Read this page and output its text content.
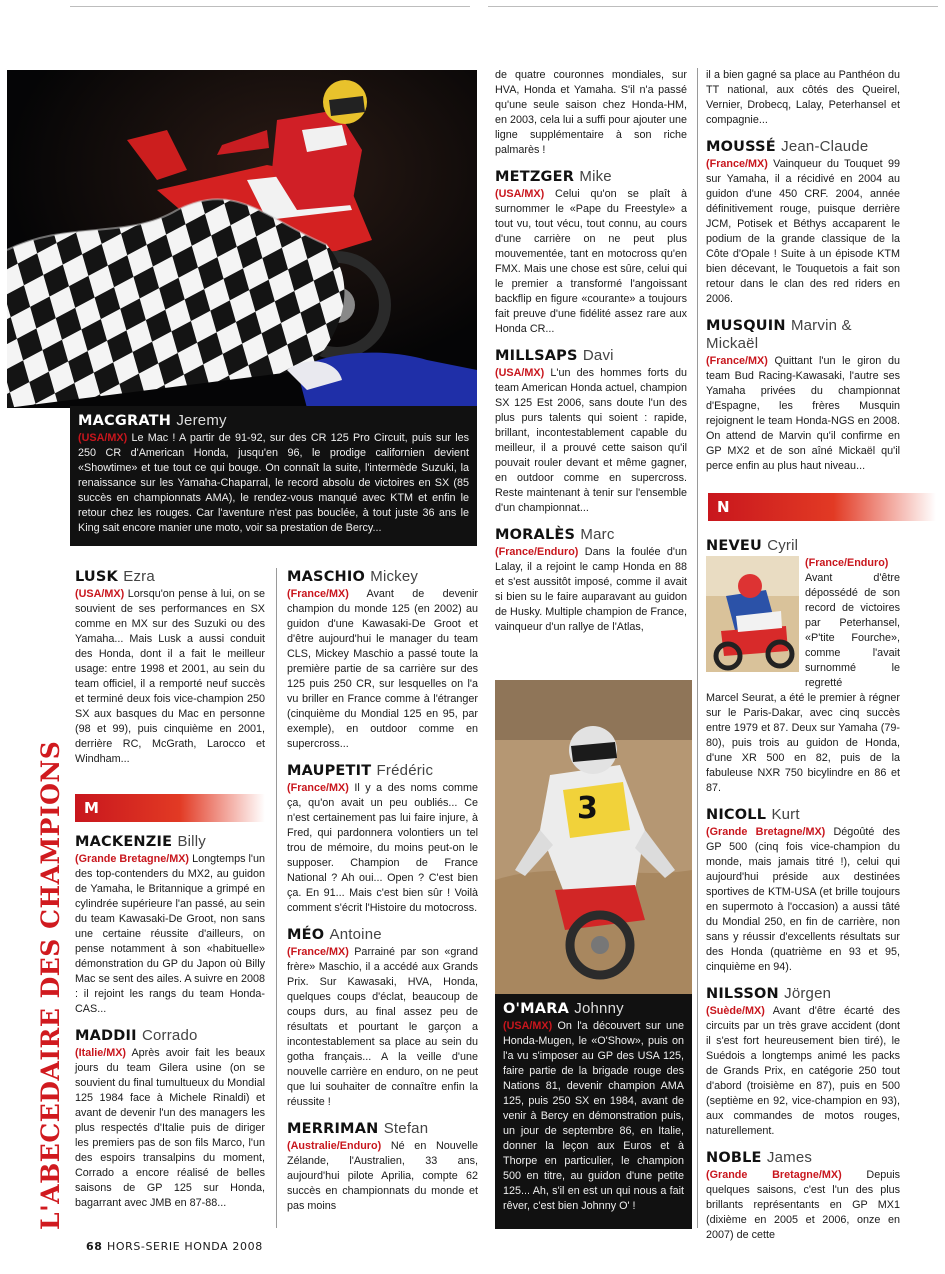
L'ABECEDAIRE DES CHAMPIONS
MACGRATH Jeremy
(USA/MX) Le Mac ! A partir de 91-92, sur des CR 125 Pro Circuit, puis sur les 250 CR d'American Honda, jusqu'en 96, le prodige californien devient «Showtime» et tue tout ce qui bouge. On connaît la suite, l'intermède Suzuki, la renaissance sur les Yamaha-Chaparral, le record absolu de victoires en SX (85 succès en championnats AMA), le rendez-vous manqué avec KTM et enfin le retour chez les rouges. Car l'aventure n'est pas bouclée, à tout juste 36 ans le King sait encore manier une moto, voir sa prestation de Bercy...
LUSK Ezra

(USA/MX) Lorsqu'on pense à lui, on se souvient de ses performances en SX comme en MX sur des Suzuki ou des Yamaha... Mais Lusk a aussi conduit des Honda, dont il a fait le meilleur usage: entre 1998 et 2001, au sein du team officiel, il a remporté neuf succès et terminé deux fois vice-champion 250 SX aux basques du Mac en personne (98 et 99), puis cinquième en 2001, derrière RC, McGrath, Larocco et Windham...

M
MACKENZIE Billy

(Grande Bretagne/MX) Longtemps l'un des top-contenders du MX2, au guidon de Yamaha, le Britannique a grimpé en cylindrée supérieure l'an passé, au sein du team Kawasaki-De Groot, non sans une certaine réussite d'ailleurs, on pense notamment à son «habituelle» démonstration du GP du Japon où Billy Mac se sent des ailes. A suivre en 2008 : il rejoint les rangs du team Honda-CAS...

MADDII Corrado

(Italie/MX) Après avoir fait les beaux jours du team Gilera usine (on se souvient du final tumultueux du Mondial 125 1984 face à Michele Rinaldi) et avant de devenir l'un des managers les plus respectés d'Italie puis de diriger les premiers pas de son fils Marco, l'un des espoirs transalpins du moment, Corrado a encore réalisé de belles saisons de GP 125 sur Honda, bagarrant avec JMB en 87-88...

MASCHIO Mickey

(France/MX) Avant de devenir champion du monde 125 (en 2002) au guidon d'une Kawasaki-De Groot et d'être aujourd'hui le manager du team CLS, Mickey Maschio a passé toute la première partie de sa carrière sur des 125 puis 250 CR, sur lesquelles on l'a vu briller en France comme à l'étranger (cinquième du Mondial 125 en 95, par exemple), en outdoor comme en supercross...

MAUPETIT Frédéric

(France/MX) Il y a des noms comme ça, qu'on avait un peu oubliés... Ce n'est certainement pas lui faire injure, à Fred, qui pardonnera volontiers un tel trou de mémoire, du moins peut-on le supposer. Champion de France National ? Ah oui... Open ? C'est bien ça. En 91... Mais c'est bien sûr ! Voilà comment s'écrit l'Histoire du motocross.

MÉO Antoine

(France/MX) Parrainé par son «grand frère» Maschio, il a accédé aux Grands Prix. Sur Kawasaki, HVA, Honda, quelques coups d'éclat, beaucoup de coups durs, au final assez peu de résultats et pourtant le garçon a incontestablement sa place au sein du gotha français... A la veille d'une nouvelle carrière en enduro, on ne peut que lui souhaiter de connaître enfin la réussite !

MERRIMAN Stefan

(Australie/Enduro) Né en Nouvelle Zélande, l'Australien, 33 ans, aujourd'hui pilote Aprilia, compte 62 succès en championnats du monde et pas moins

de quatre couronnes mondiales, sur HVA, Honda et Yamaha. S'il n'a passé qu'une seule saison chez Honda-HM, en 2003, cela lui a suffi pour ajouter une ligne supplémentaire à son riche palmarès !

METZGER Mike

(USA/MX) Celui qu'on se plaît à surnommer le «Pape du Freestyle» a tout vu, tout vécu, tout connu, au cours d'une carrière on ne peut plus mouvementée, tant en motocross qu'en FMX. Mais une chose est sûre, celui qui le premier a transformé l'angoissant backflip en figure «courante» a toujours fait preuve d'une fidélité assez rare aux Honda CR...

MILLSAPS Davi

(USA/MX) L'un des hommes forts du team American Honda actuel, champion SX 125 Est 2006, sans doute l'un des plus purs talents qui soient : rapide, brillant, incontestablement capable du meilleur, il a prouvé cette saison qu'il pouvait rouler devant et même gagner, en outdoor comme en supercross. Reste maintenant à tenir sur l'ensemble d'un championnat...

MORALÈS Marc

(France/Enduro) Dans la foulée d'un Lalay, il a rejoint le camp Honda en 88 et s'est aussitôt imposé, comme il avait si bien su le faire auparavant au guidon de Husky. Multiple champion de France, vainqueur d'un rallye de l'Atlas,

3
O'MARA Johnny
(USA/MX) On l'a découvert sur une Honda-Mugen, le «O'Show», puis on l'a vu s'imposer au GP des USA 125, faire partie de la brigade rouge des Nations 81, devenir champion AMA 125, puis 250 SX en 1984, avant de venir à Bercy en démonstration puis, un jour de septembre 86, en Italie, donner la leçon aux Euros et à Thorpe en particulier, le champion 500 en titre, au guidon d'une petite 125... Ah, s'il en est un qui nous a fait rêver, c'est bien Johnny O' !

il a bien gagné sa place au Panthéon du TT national, aux côtés des Queirel, Vernier, Drobecq, Lalay, Peterhansel et compagnie...

MOUSSÉ Jean-Claude

(France/MX) Vainqueur du Touquet 99 sur Yamaha, il a récidivé en 2004 au guidon d'une 450 CRF. 2004, année définitivement rouge, puisque derrière JCM, Potisek et Béthys accaparent le podium de la grande classique de la Côte d'Opale ! Suite à un épisode KTM bien décevant, le Touquetois a fait son retour dans le clan des red riders en 2006.

MUSQUIN Marvin & Mickaël

(France/MX) Quittant l'un le giron du team Bud Racing-Kawasaki, l'autre ses Yamaha privées du championnat d'Espagne, les frères Musquin rejoignent le team Honda-NGS en 2008. On attend de Marvin qu'il confirme en GP MX2 et de son aîné Mickaël qu'il perce enfin au plus haut niveau...

N
NEVEU Cyril
(France/Enduro) Avant d'être dépossédé de son record de victoires par Peterhansel, «P'tite Fourche», comme l'avait surnommé le regretté

Marcel Seurat, a été le premier à régner sur le Paris-Dakar, avec cinq succès entre 1979 et 87. Deux sur Yamaha (79-80), puis trois au guidon de Honda, d'une XR 500 en 82, puis de la fabuleuse NXR 750 bicylindre en 86 et 87.

NICOLL Kurt

(Grande Bretagne/MX) Dégoûté des GP 500 (cinq fois vice-champion du monde, mais jamais titré !), celui qui aujourd'hui préside aux destinées sportives de KTM-USA (et brille toujours en supermoto à l'occasion) a aussi tâté du Mondial 250, en fin de carrière, non sans y réussir d'excellents résultats sur des Honda (quatrième en 93 et 95, cinquième en 94).

NILSSON Jörgen

(Suède/MX) Avant d'être écarté des circuits par un très grave accident (dont il s'est fort heureusement bien tiré), le Suédois a longtemps animé les packs de Grands Prix, en catégorie 250 tout d'abord (troisième en 87), puis en 500 (septième en 92, vice-champion en 93), aux commandes de motos rouges, naturellement.

NOBLE James

(Grande Bretagne/MX) Depuis quelques saisons, c'est l'un des plus brillants représentants en GP MX1 (dixième en 2005 et 2006, onze en 2007) de cette

68 HORS-SERIE HONDA 2008
